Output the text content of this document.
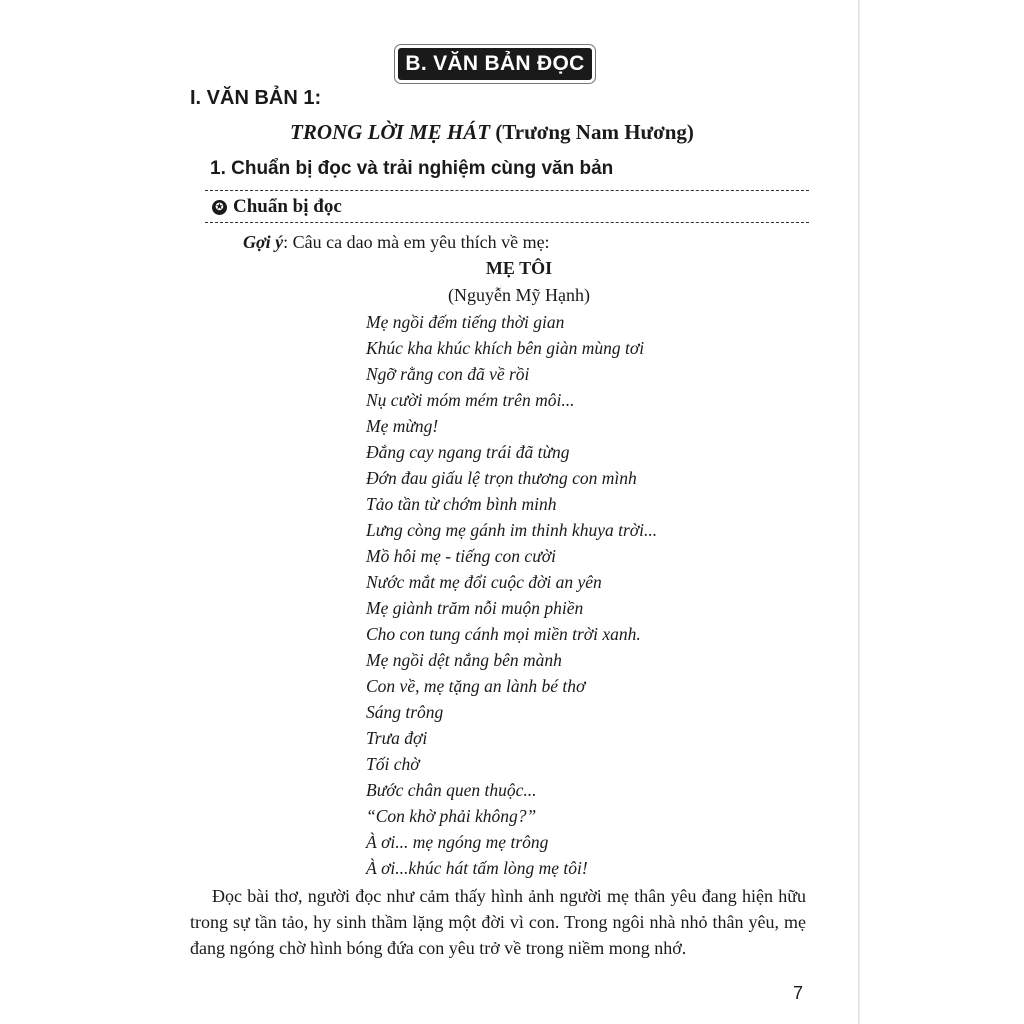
B. VĂN BẢN ĐỌC
I. VĂN BẢN 1:
TRONG LỜI MẸ HÁT (Trương Nam Hương)
1. Chuẩn bị đọc và trải nghiệm cùng văn bản
✪ Chuẩn bị đọc
Gợi ý: Câu ca dao mà em yêu thích về mẹ:
MẸ TÔI
(Nguyễn Mỹ Hạnh)
Mẹ ngồi đếm tiếng thời gian
Khúc kha khúc khích bên giàn mùng tơi
Ngỡ rằng con đã về rồi
Nụ cười móm mém trên môi...
Mẹ mừng!
Đắng cay ngang trái đã từng
Đớn đau giấu lệ trọn thương con mình
Tảo tần từ chớm bình minh
Lưng còng mẹ gánh im thinh khuya trời...
Mồ hôi mẹ - tiếng con cười
Nước mắt mẹ đổi cuộc đời an yên
Mẹ giành trăm nỗi muộn phiền
Cho con tung cánh mọi miền trời xanh.
Mẹ ngồi dệt nắng bên mành
Con về, mẹ tặng an lành bé thơ
Sáng trông
Trưa đợi
Tối chờ
Bước chân quen thuộc...
“Con khờ phải không?”
À ơi... mẹ ngóng mẹ trông
À ơi...khúc hát tấm lòng mẹ tôi!

Đọc bài thơ, người đọc như cảm thấy hình ảnh người mẹ thân yêu đang hiện hữu trong sự tần tảo, hy sinh thầm lặng một đời vì con. Trong ngôi nhà nhỏ thân yêu, mẹ đang ngóng chờ hình bóng đứa con yêu trở về trong niềm mong nhớ.

7
